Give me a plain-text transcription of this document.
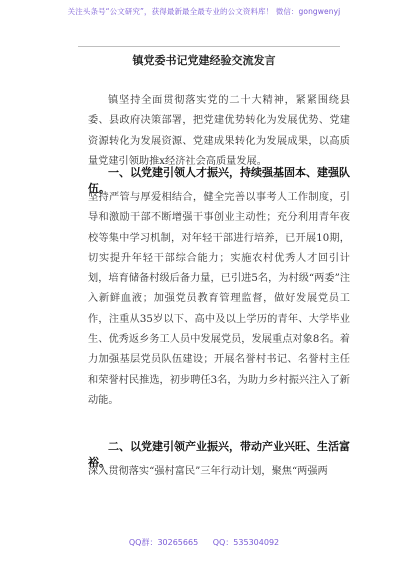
关注头条号“公文研究”，获得最新最全最专业的公文资料库！ 微信：gongwenyj
镇党委书记党建经验交流发言
镇坚持全面贯彻落实党的二十大精神，紧紧围绕县委、县政府决策部署，把党建优势转化为发展优势、党建资源转化为发展资源、党建成果转化为发展成果，以高质量党建引领助推x经济社会高质量发展。
一、以党建引领人才振兴，持续强基固本、建强队伍。
坚持严管与厚爱相结合，健全完善以事考人工作制度，引导和激励干部不断增强干事创业主动性；充分利用青年夜校等集中学习机制，对年轻干部进行培养，已开展10期，切实提升年轻干部综合能力；实施农村优秀人才回引计划，培育储备村级后备力量，已引进5名，为村级“两委”注入新鲜血液；加强党员教育管理监督，做好发展党员工作，注重从35岁以下、高中及以上学历的青年、大学毕业生、优秀返乡务工人员中发展党员，发展重点对象8名。着力加强基层党员队伍建设；开展名誉村书记、名誉村主任和荣誉村民推选，初步聘任3名，为助力乡村振兴注入了新动能。
二、以党建引领产业振兴，带动产业兴旺、生活富裕。
深入贯彻落实“强村富民”三年行动计划，聚焦“两强两
QQ群：30265665 QQ：535304092
